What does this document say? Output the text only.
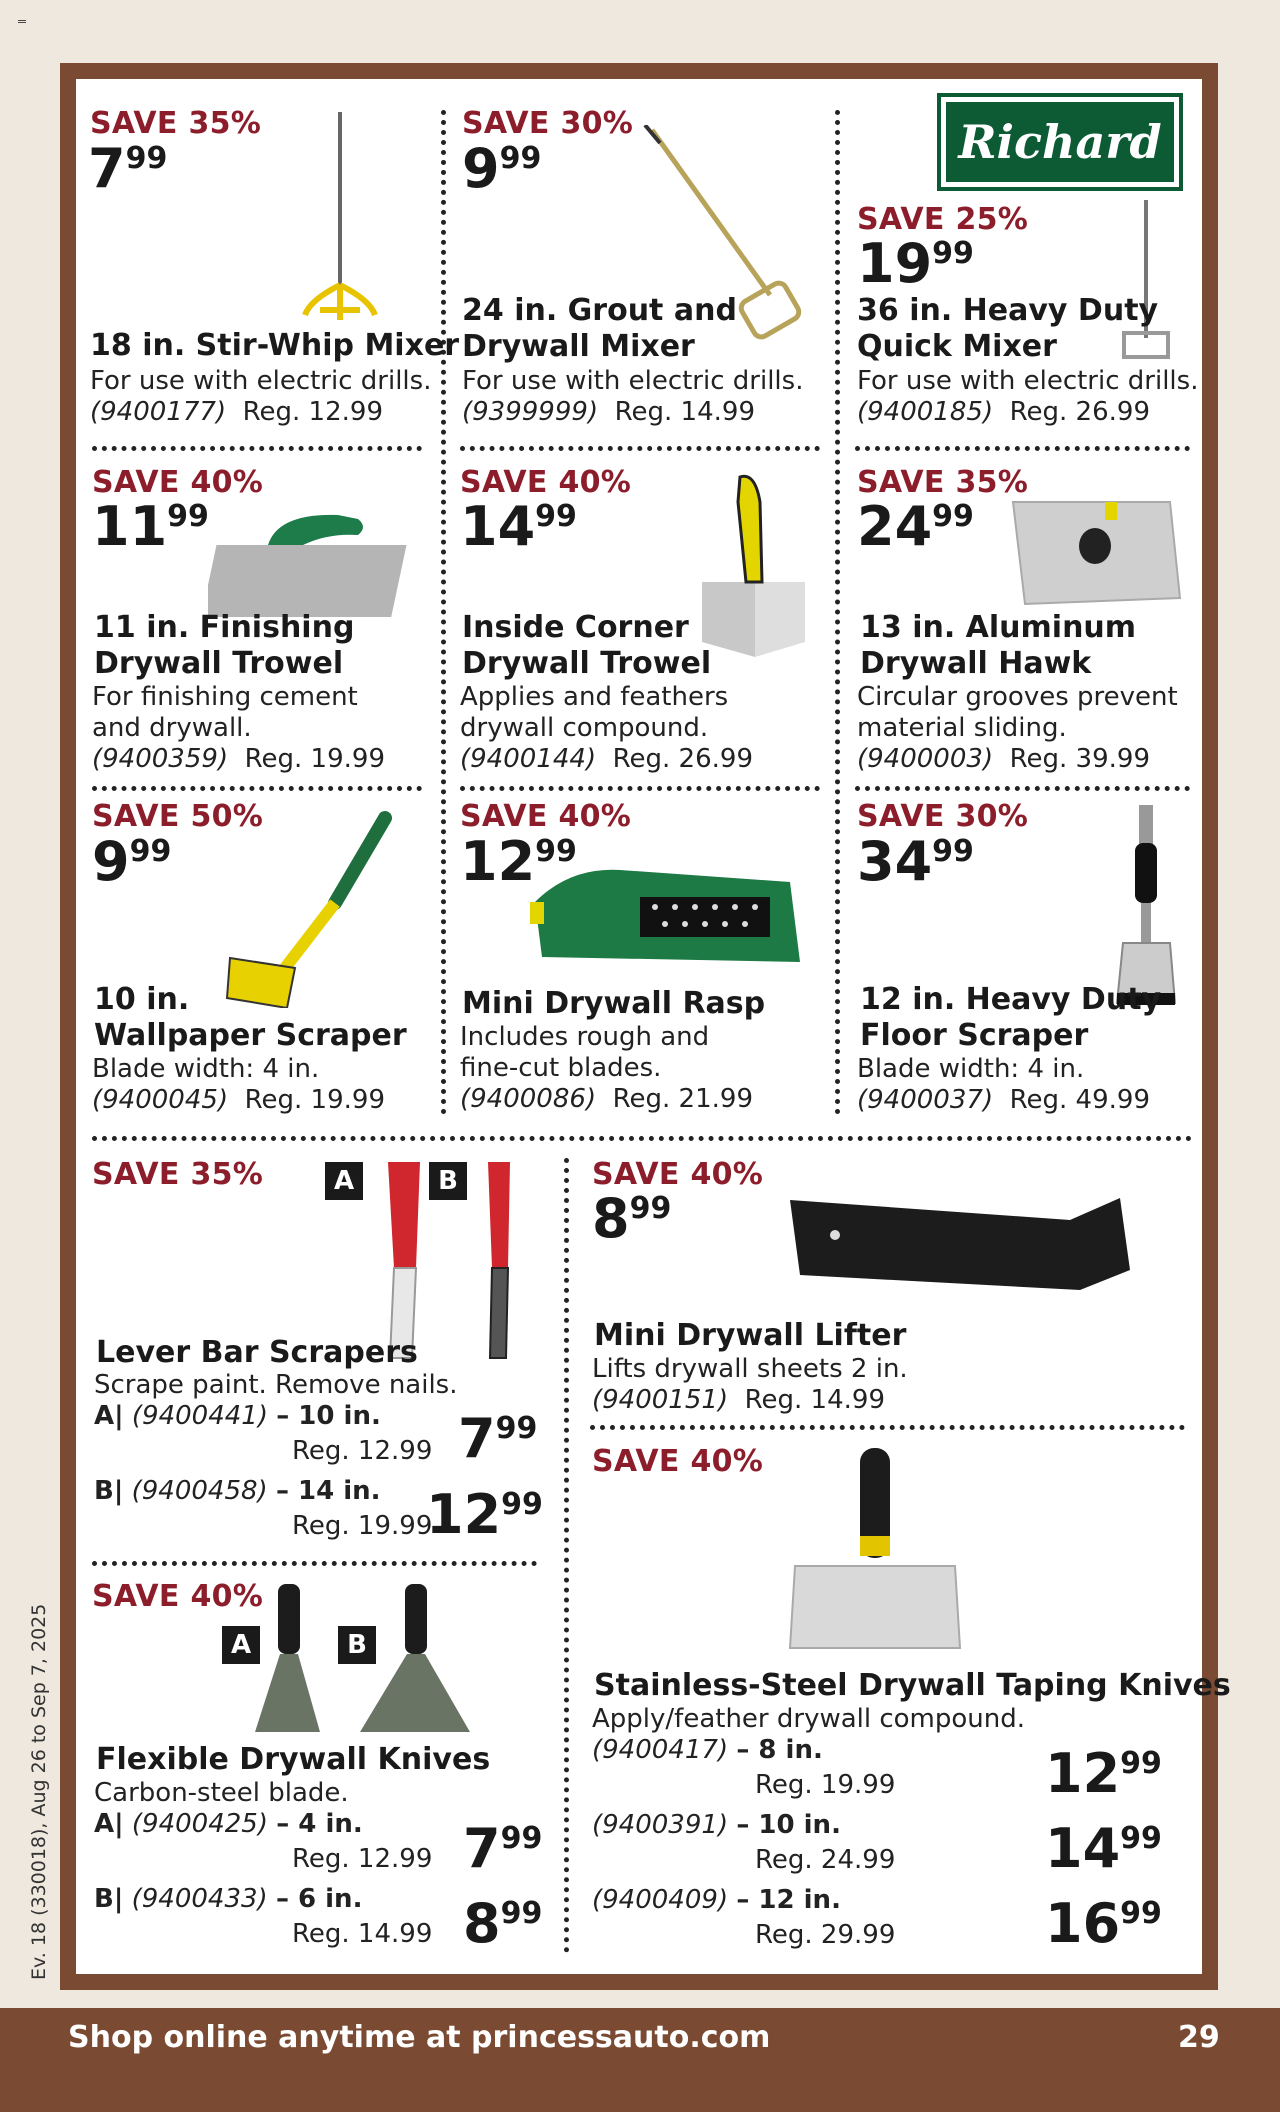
Richard
SAVE 35%
$7^{99}$
18 in. Stir-Whip Mixer
For use with electric drills.
(9400177) Reg. 12.99
SAVE 30%
$9^{99}$
24 in. Grout and
Drywall Mixer
For use with electric drills.
(9399999) Reg. 14.99
SAVE 25%
$19^{99}$
36 in. Heavy Duty
Quick Mixer
For use with electric drills.
(9400185) Reg. 26.99
SAVE 40%
$11^{99}$
11 in. Finishing
Drywall Trowel
For finishing cement
and drywall.
(9400359) Reg. 19.99
SAVE 40%
$14^{99}$
Inside Corner
Drywall Trowel
Applies and feathers
drywall compound.
(9400144) Reg. 26.99
SAVE 35%
$24^{99}$
13 in. Aluminum
Drywall Hawk
Circular grooves prevent
material sliding.
(9400003) Reg. 39.99
SAVE 50%
$9^{99}$
10 in.
Wallpaper Scraper
Blade width: 4 in.
(9400045) Reg. 19.99
SAVE 40%
$12^{99}$
Mini Drywall Rasp
Includes rough and
fine-cut blades.
(9400086) Reg. 21.99
SAVE 30%
$34^{99}$
12 in. Heavy Duty
Floor Scraper
Blade width: 4 in.
(9400037) Reg. 49.99
SAVE 35%	A	B
Lever Bar Scrapers
Scrape paint. Remove nails.
A| (9400441) – 10 in.
Reg. 12.99 $7^{99}$
B| (9400458) – 14 in.
Reg. 19.99
$12^{99}$
SAVE 40%
$8^{99}$
Mini Drywall Lifter
Lifts drywall sheets 2 in.
(9400151) Reg. 14.99
SAVE 40%
A	B
Flexible Drywall Knives
Carbon-steel blade.
A| (9400425) – 4 in.
Reg. 12.99 $7^{99}$
B| (9400433) – 6 in.
Reg. 14.99 $8^{99}$
SAVE 40%
Stainless-Steel Drywall Taping Knives
Apply/feather drywall compound.
(9400417) – 8 in.
Reg. 19.99	$12^{99}$
(9400391) – 10 in.
Reg. 24.99	$14^{99}$
(9400409) – 12 in.
Reg. 29.99	$16^{99}$
Ev. 18 (330018), Aug 26 to Sep 7, 2025
Shop online anytime at princessauto.com	29
